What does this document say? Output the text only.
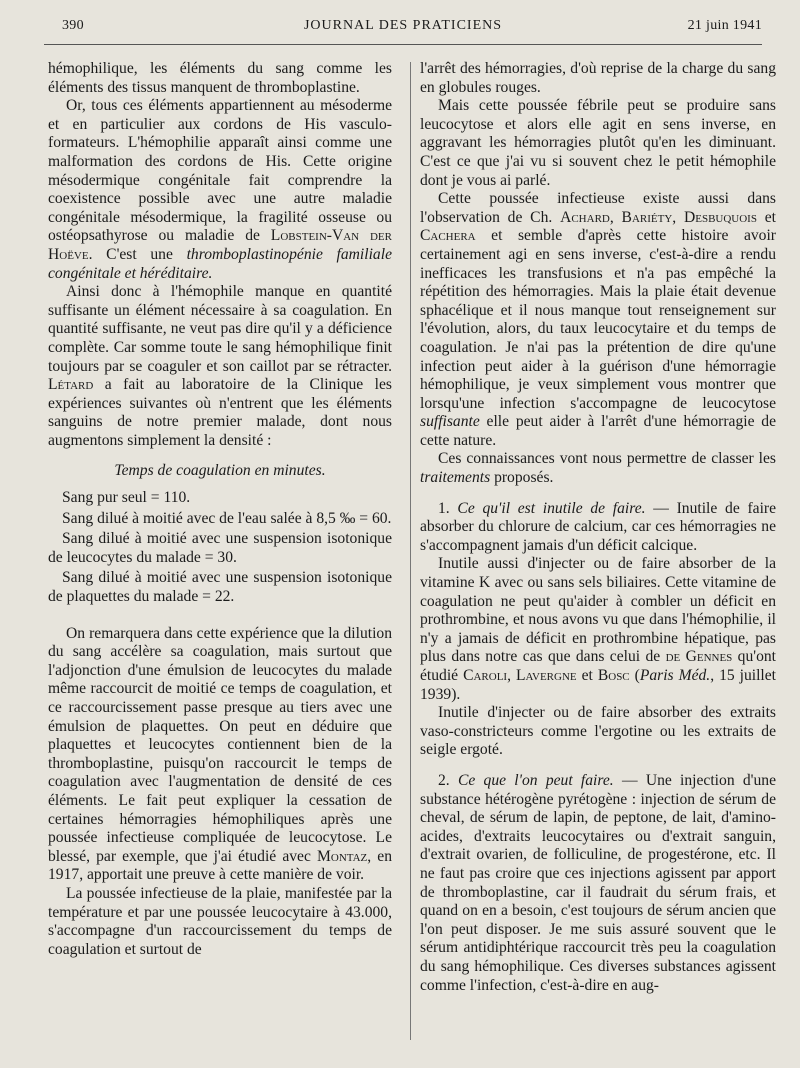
390	JOURNAL DES PRATICIENS	21 juin 1941

hémophilique, les éléments du sang comme les éléments des tissus manquent de thromboplastine.

Or, tous ces éléments appartiennent au mésoderme et en particulier aux cordons de His vasculo-formateurs. L'hémophilie apparaît ainsi comme une malformation des cordons de His. Cette origine mésodermique congénitale fait comprendre la coexistence possible avec une autre maladie congénitale mésodermique, la fragilité osseuse ou ostéopsathyrose ou maladie de Lobstein-Van der Hoëve. C'est une thromboplastinopénie familiale congénitale et héréditaire.

Ainsi donc à l'hémophile manque en quantité suffisante un élément nécessaire à sa coagulation. En quantité suffisante, ne veut pas dire qu'il y a déficience complète. Car somme toute le sang hémophilique finit toujours par se coaguler et son caillot par se rétracter. Létard a fait au laboratoire de la Clinique les expériences suivantes où n'entrent que les éléments sanguins de notre premier malade, dont nous augmentons simplement la densité :

Temps de coagulation en minutes.

Sang pur seul = 110.

Sang dilué à moitié avec de l'eau salée à 8,5 ‰ = 60.

Sang dilué à moitié avec une suspension isotonique de leucocytes du malade = 30.

Sang dilué à moitié avec une suspension isotonique de plaquettes du malade = 22.

On remarquera dans cette expérience que la dilution du sang accélère sa coagulation, mais surtout que l'adjonction d'une émulsion de leucocytes du malade même raccourcit de moitié ce temps de coagulation, et ce raccourcissement passe presque au tiers avec une émulsion de plaquettes. On peut en déduire que plaquettes et leucocytes contiennent bien de la thromboplastine, puisqu'on raccourcit le temps de coagulation avec l'augmentation de densité de ces éléments. Le fait peut expliquer la cessation de certaines hémorragies hémophiliques après une poussée infectieuse compliquée de leucocytose. Le blessé, par exemple, que j'ai étudié avec Montaz, en 1917, apportait une preuve à cette manière de voir.

La poussée infectieuse de la plaie, manifestée par la température et par une poussée leucocytaire à 43.000, s'accompagne d'un raccourcissement du temps de coagulation et surtout de

l'arrêt des hémorragies, d'où reprise de la charge du sang en globules rouges.

Mais cette poussée fébrile peut se produire sans leucocytose et alors elle agit en sens inverse, en aggravant les hémorragies plutôt qu'en les diminuant. C'est ce que j'ai vu si souvent chez le petit hémophile dont je vous ai parlé.

Cette poussée infectieuse existe aussi dans l'observation de Ch. Achard, Bariéty, Desbuquois et Cachera et semble d'après cette histoire avoir certainement agi en sens inverse, c'est-à-dire a rendu inefficaces les transfusions et n'a pas empêché la répétition des hémorragies. Mais la plaie était devenue sphacélique et il nous manque tout renseignement sur l'évolution, alors, du taux leucocytaire et du temps de coagulation. Je n'ai pas la prétention de dire qu'une infection peut aider à la guérison d'une hémorragie hémophilique, je veux simplement vous montrer que lorsqu'une infection s'accompagne de leucocytose suffisante elle peut aider à l'arrêt d'une hémorragie de cette nature.

Ces connaissances vont nous permettre de classer les traitements proposés.

1. Ce qu'il est inutile de faire. — Inutile de faire absorber du chlorure de calcium, car ces hémorragies ne s'accompagnent jamais d'un déficit calcique.

Inutile aussi d'injecter ou de faire absorber de la vitamine K avec ou sans sels biliaires. Cette vitamine de coagulation ne peut qu'aider à combler un déficit en prothrombine, et nous avons vu que dans l'hémophilie, il n'y a jamais de déficit en prothrombine hépatique, pas plus dans notre cas que dans celui de de Gennes qu'ont étudié Caroli, Lavergne et Bosc (Paris Méd., 15 juillet 1939).

Inutile d'injecter ou de faire absorber des extraits vaso-constricteurs comme l'ergotine ou les extraits de seigle ergoté.

2. Ce que l'on peut faire. — Une injection d'une substance hétérogène pyrétogène : injection de sérum de cheval, de sérum de lapin, de peptone, de lait, d'amino-acides, d'extraits leucocytaires ou d'extrait sanguin, d'extrait ovarien, de folliculine, de progestérone, etc. Il ne faut pas croire que ces injections agissent par apport de thromboplastine, car il faudrait du sérum frais, et quand on en a besoin, c'est toujours de sérum ancien que l'on peut disposer. Je me suis assuré souvent que le sérum antidiphtérique raccourcit très peu la coagulation du sang hémophilique. Ces diverses substances agissent comme l'infection, c'est-à-dire en aug-
